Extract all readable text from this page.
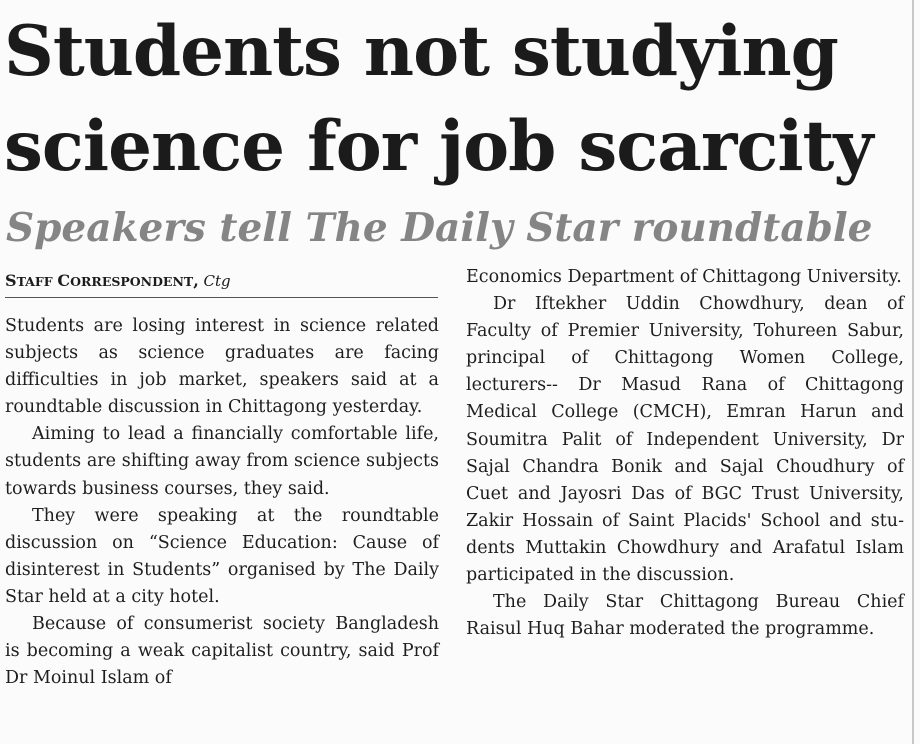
Students not studying
science for job scarcity
Speakers tell The Daily Star roundtable
STAFF CORRESPONDENT, Ctg

Students are losing interest in science related subjects as science graduates are facing difficulties in job market, speakers said at a roundtable discussion in Chittagong yesterday.

Aiming to lead a financially comfortable life, students are shifting away from science subjects towards business courses, they said.

They were speaking at the roundtable discussion on “Science Education: Cause of disinterest in Students” organised by The Daily Star held at a city hotel.

Because of consumerist society Bangladesh is becoming a weak capitalist country, said Prof Dr Moinul Islam of

Economics Department of Chittagong University.

Dr Iftekher Uddin Chowdhury, dean of Faculty of Premier University, Tohureen Sabur, principal of Chittagong Women College, lecturers-- Dr Masud Rana of Chittagong Medical College (CMCH), Emran Harun and Soumitra Palit of Independent University, Dr Sajal Chandra Bonik and Sajal Choudhury of Cuet and Jayosri Das of BGC Trust University, Zakir Hossain of Saint Placids' School and stu-dents Muttakin Chowdhury and Arafatul Islam participated in the discussion.

The Daily Star Chittagong Bureau Chief Raisul Huq Bahar moderated the programme.
